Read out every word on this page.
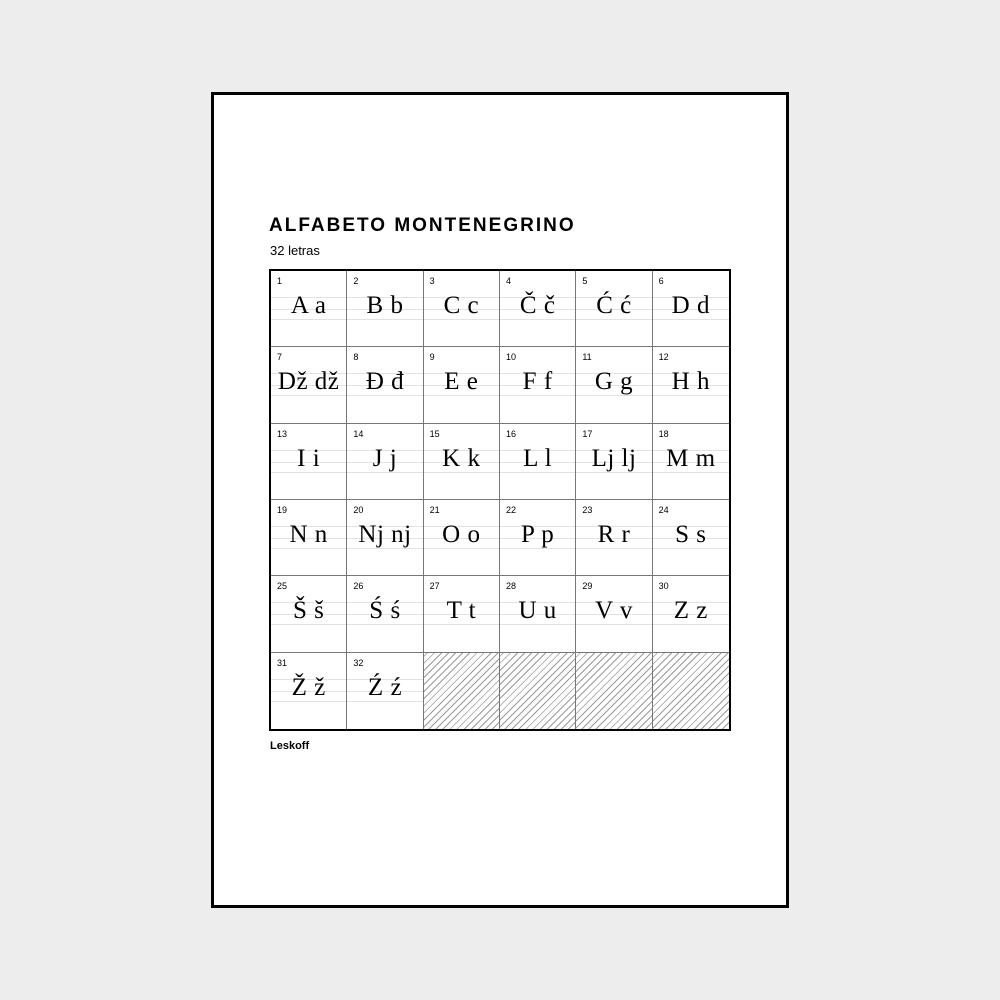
ALFABETO MONTENEGRINO
32 letras
1
A a
2
B b
3
C c
4
Č č
5
Ć ć
6
D d
7
Dž dž
8
Đ đ
9
E e
10
F f
11
G g
12
H h
13
I i
14
J j
15
K k
16
L l
17
Lj lj
18
M m
19
N n
20
Nj nj
21
O o
22
P p
23
R r
24
S s
25
Š š
26
Ś ś
27
T t
28
U u
29
V v
30
Z z
31
Ž ž
32
Ź ź
Leskoff
